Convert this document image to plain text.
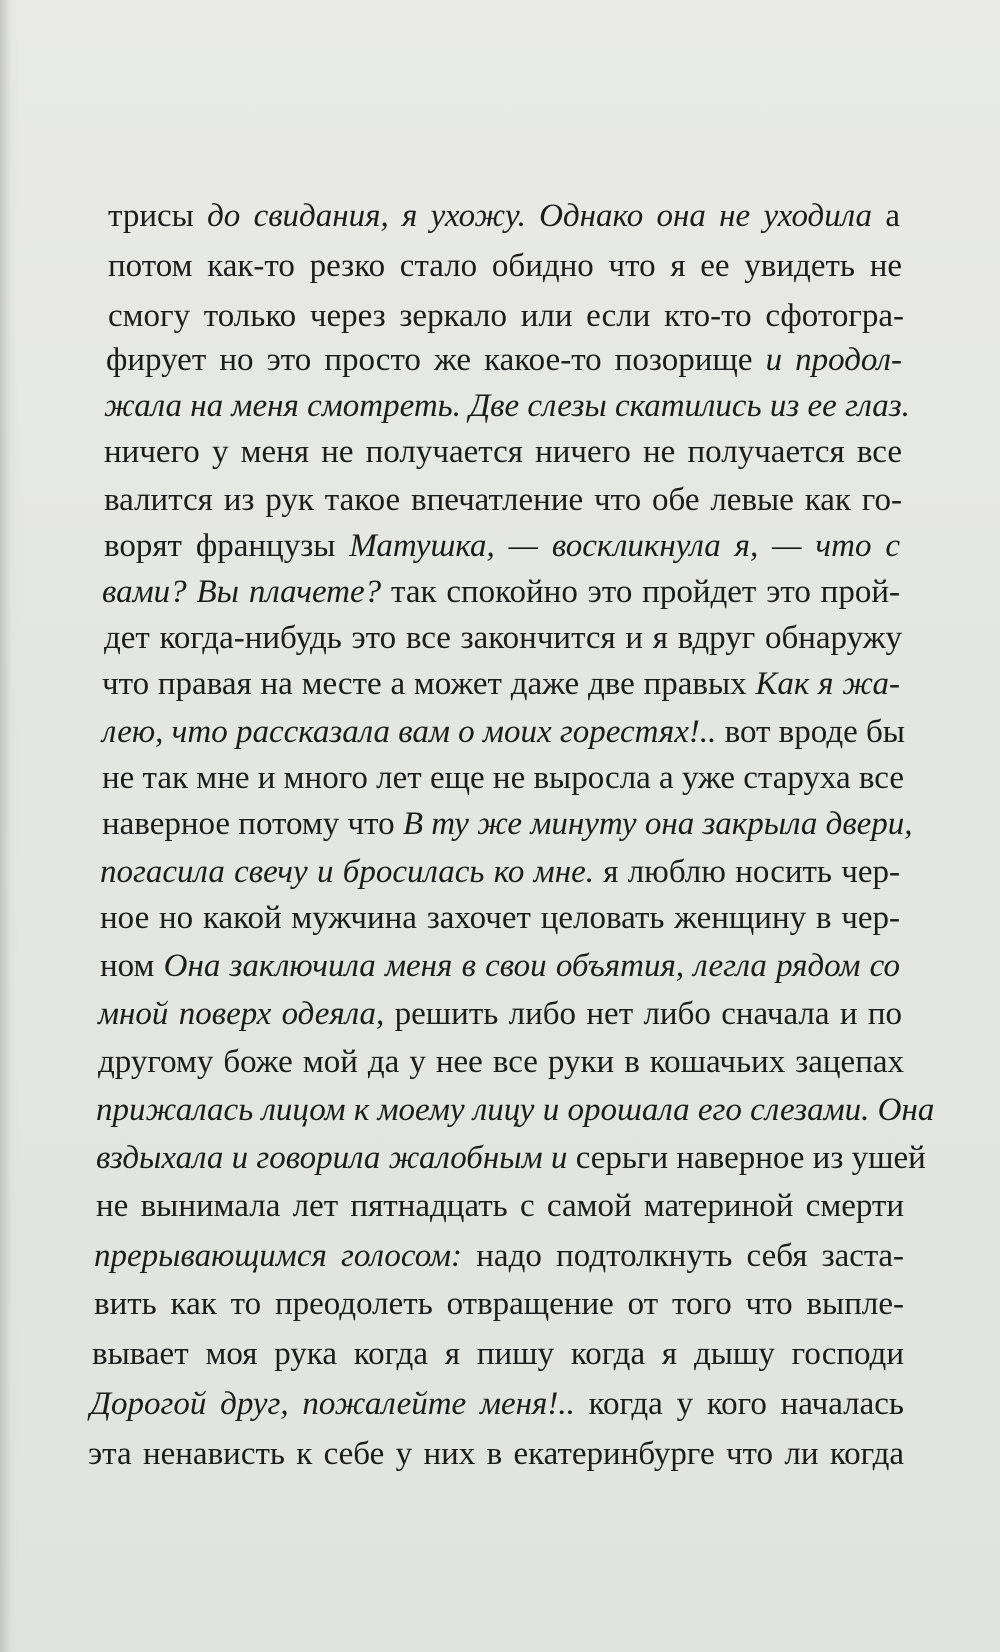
трисы до свидания, я ухожу. Однако она не уходила а
потом как-то резко стало обидно что я ее увидеть не
смогу только через зеркало или если кто-то сфотогра-
фирует но это просто же какое-то позорище и продол-
жала на меня смотреть. Две слезы скатились из ее глаз.
ничего у меня не получается ничего не получается все
валится из рук такое впечатление что обе левые как го-
ворят французы Матушка, — воскликнула я, — что с
вами? Вы плачете? так спокойно это пройдет это прой-
дет когда-нибудь это все закончится и я вдруг обнаружу
что правая на месте а может даже две правых Как я жа-
лею, что рассказала вам о моих горестях!.. вот вроде бы
не так мне и много лет еще не выросла а уже старуха все
наверное потому что В ту же минуту она закрыла двери,
погасила свечу и бросилась ко мне. я люблю носить чер-
ное но какой мужчина захочет целовать женщину в чер-
ном Она заключила меня в свои объятия, легла рядом со
мной поверх одеяла, решить либо нет либо сначала и по
другому боже мой да у нее все руки в кошачьих зацепах
прижалась лицом к моему лицу и орошала его слезами. Она
вздыхала и говорила жалобным и серьги наверное из ушей
не вынимала лет пятнадцать с самой материной смерти
прерывающимся голосом: надо подтолкнуть себя застa-
вить как то преодолеть отвращение от того что выпле-
вывает моя рука когда я пишу когда я дышу господи
Дорогой друг, пожалейте меня!.. когда у кого началась
эта ненависть к себе у них в екатеринбурге что ли когда
